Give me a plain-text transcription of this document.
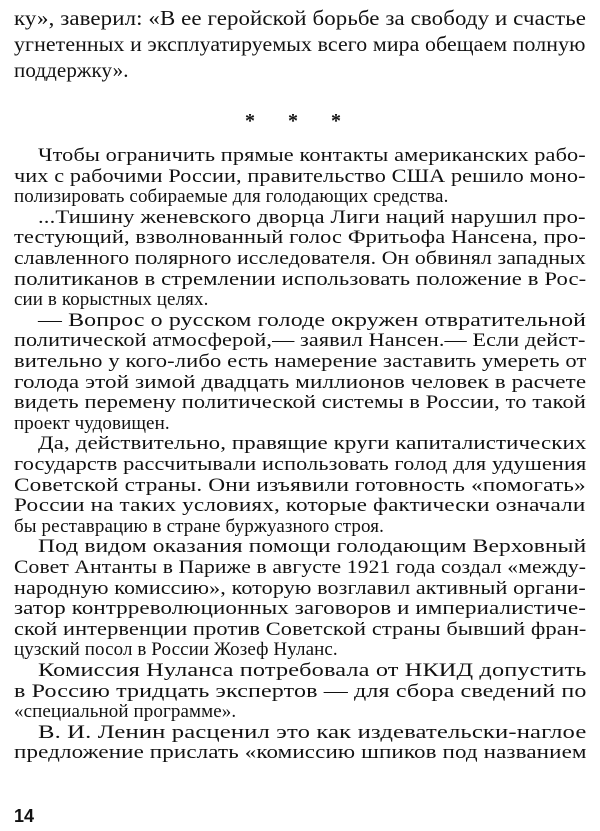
ку», заверил: «В ее геройской борьбе за свободу и счастье
угнетенных и эксплуатируемых всего мира обещаем полную
поддержку».
* * *
Чтобы ограничить прямые контакты американских рабо-
чих с рабочими России, правительство США решило моно-
полизировать собираемые для голодающих средства.
...Тишину женевского дворца Лиги наций нарушил про-
тестующий, взволнованный голос Фритьофа Нансена, про-
славленного полярного исследователя. Он обвинял западных
политиканов в стремлении использовать положение в Рос-
сии в корыстных целях.
— Вопрос о русском голоде окружен отвратительной
политической атмосферой,— заявил Нансен.— Если дейст-
вительно у кого-либо есть намерение заставить умереть от
голода этой зимой двадцать миллионов человек в расчете
видеть перемену политической системы в России, то такой
проект чудовищен.
Да, действительно, правящие круги капиталистических
государств рассчитывали использовать голод для удушения
Советской страны. Они изъявили готовность «помогать»
России на таких условиях, которые фактически означали
бы реставрацию в стране буржуазного строя.
Под видом оказания помощи голодающим Верховный
Совет Антанты в Париже в августе 1921 года создал «между-
народную комиссию», которую возглавил активный органи-
затор контрреволюционных заговоров и империалистиче-
ской интервенции против Советской страны бывший фран-
цузский посол в России Жозеф Нуланс.
Комиссия Нуланса потребовала от НКИД допустить
в Россию тридцать экспертов — для сбора сведений по
«специальной программе».
В. И. Ленин расценил это как издевательски-наглое
предложение прислать «комиссию шпиков под названием
14
